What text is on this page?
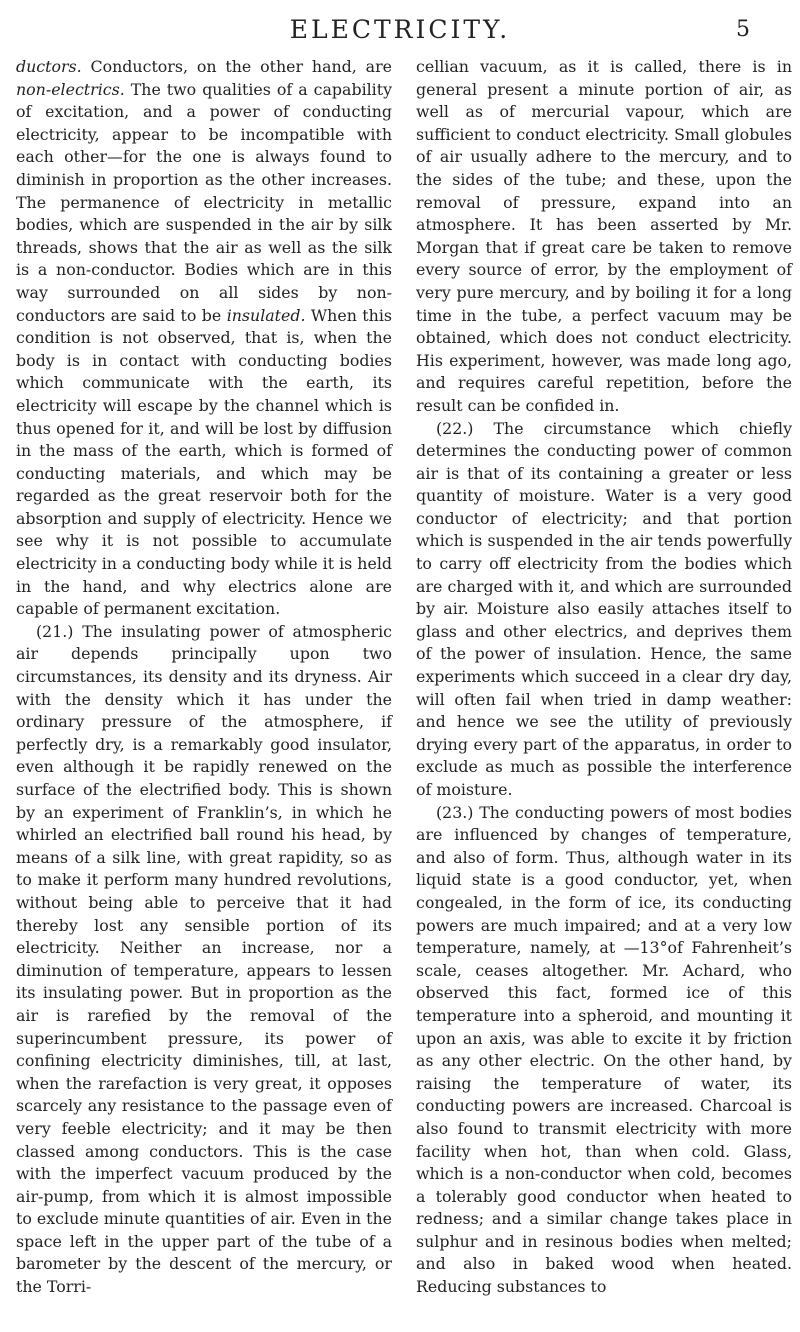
ELECTRICITY.	5

ductors. Conductors, on the other hand, are non-electrics. The two qualities of a capability of excitation, and a power of conducting electricity, appear to be incompatible with each other—for the one is always found to diminish in proportion as the other increases. The permanence of electricity in metallic bodies, which are suspended in the air by silk threads, shows that the air as well as the silk is a non-conductor. Bodies which are in this way surrounded on all sides by non-conductors are said to be insulated. When this condition is not observed, that is, when the body is in contact with conducting bodies which communicate with the earth, its electricity will escape by the channel which is thus opened for it, and will be lost by diffusion in the mass of the earth, which is formed of conducting materials, and which may be regarded as the great reservoir both for the absorption and supply of electricity. Hence we see why it is not possible to accumulate electricity in a conducting body while it is held in the hand, and why electrics alone are capable of permanent excitation.

(21.) The insulating power of atmospheric air depends principally upon two circumstances, its density and its dryness. Air with the density which it has under the ordinary pressure of the atmosphere, if perfectly dry, is a remarkably good insulator, even although it be rapidly renewed on the surface of the electrified body. This is shown by an experiment of Franklin’s, in which he whirled an electrified ball round his head, by means of a silk line, with great rapidity, so as to make it perform many hundred revolutions, without being able to perceive that it had thereby lost any sensible portion of its electricity. Neither an increase, nor a diminution of temperature, appears to lessen its insulating power. But in proportion as the air is rarefied by the removal of the superincumbent pressure, its power of confining electricity diminishes, till, at last, when the rarefaction is very great, it opposes scarcely any resistance to the passage even of very feeble electricity; and it may be then classed among conductors. This is the case with the imperfect vacuum produced by the air-pump, from which it is almost impossible to exclude minute quantities of air. Even in the space left in the upper part of the tube of a barometer by the descent of the mercury, or the Torri-

cellian vacuum, as it is called, there is in general present a minute portion of air, as well as of mercurial vapour, which are sufficient to conduct electricity. Small globules of air usually adhere to the mercury, and to the sides of the tube; and these, upon the removal of pressure, expand into an atmosphere. It has been asserted by Mr. Morgan that if great care be taken to remove every source of error, by the employment of very pure mercury, and by boiling it for a long time in the tube, a perfect vacuum may be obtained, which does not conduct electricity. His experiment, however, was made long ago, and requires careful repetition, before the result can be confided in.

(22.) The circumstance which chiefly determines the conducting power of common air is that of its containing a greater or less quantity of moisture. Water is a very good conductor of electricity; and that portion which is suspended in the air tends powerfully to carry off electricity from the bodies which are charged with it, and which are surrounded by air. Moisture also easily attaches itself to glass and other electrics, and deprives them of the power of insulation. Hence, the same experiments which succeed in a clear dry day, will often fail when tried in damp weather: and hence we see the utility of previously drying every part of the apparatus, in order to exclude as much as possible the interference of moisture.

(23.) The conducting powers of most bodies are influenced by changes of temperature, and also of form. Thus, although water in its liquid state is a good conductor, yet, when congealed, in the form of ice, its conducting powers are much impaired; and at a very low temperature, namely, at —13°of Fahrenheit’s scale, ceases altogether. Mr. Achard, who observed this fact, formed ice of this temperature into a spheroid, and mounting it upon an axis, was able to excite it by friction as any other electric. On the other hand, by raising the temperature of water, its conducting powers are increased. Charcoal is also found to transmit electricity with more facility when hot, than when cold. Glass, which is a non-conductor when cold, becomes a tolerably good conductor when heated to redness; and a similar change takes place in sulphur and in resinous bodies when melted; and also in baked wood when heated. Reducing substances to
